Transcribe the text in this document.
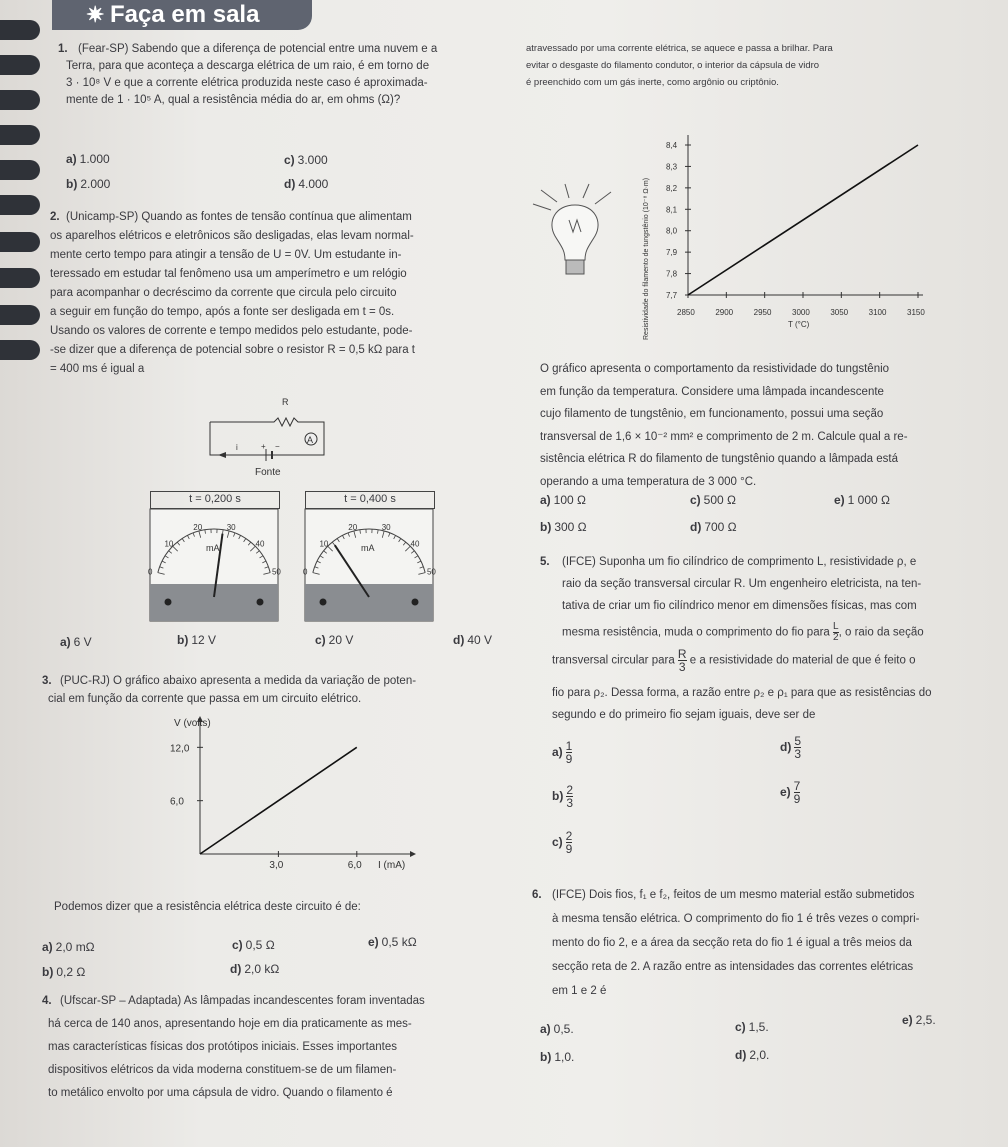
✷ Faça em sala
1. (Fear-SP) Sabendo que a diferença de potencial entre uma nuvem e a
Terra, para que aconteça a descarga elétrica de um raio, é em torno de
3 · 10⁸ V e que a corrente elétrica produzida neste caso é aproximada-
mente de 1 · 10⁵ A, qual a resistência média do ar, em ohms (Ω)?
a) 1.000	c) 3.000
b) 2.000	d) 4.000
2. (Unicamp-SP) Quando as fontes de tensão contínua que alimentam
os aparelhos elétricos e eletrônicos são desligadas, elas levam normal-
mente certo tempo para atingir a tensão de U = 0V. Um estudante in-
teressado em estudar tal fenômeno usa um amperímetro e um relógio
para acompanhar o decréscimo da corrente que circula pelo circuito
a seguir em função do tempo, após a fonte ser desligada em t = 0s.
Usando os valores de corrente e tempo medidos pelo estudante, pode-
-se dizer que a diferença de potencial sobre o resistor R = 0,5 kΩ para t
= 400 ms é igual a
R
A
+ −
i
Fonte
t = 0,200 s	t = 0,400 s
0
10
20	30
40
50
mA
0
10
20	30
40
50
mA
a) 6 V	b) 12 V	c) 20 V	d) 40 V
3. (PUC-RJ) O gráfico abaixo apresenta a medida da variação de poten-
cial em função da corrente que passa em um circuito elétrico.
6,0
12,0
3,0	6,0 I (mA)
V (volts)
Podemos dizer que a resistência elétrica deste circuito é de:
a) 2,0 mΩ	c) 0,5 Ω	e) 0,5 kΩ
b) 0,2 Ω	d) 2,0 kΩ
4. (Ufscar-SP – Adaptada) As lâmpadas incandescentes foram inventadas
há cerca de 140 anos, apresentando hoje em dia praticamente as mes-
mas características físicas dos protótipos iniciais. Esses importantes
dispositivos elétricos da vida moderna constituem-se de um filamen-
to metálico envolto por uma cápsula de vidro. Quando o filamento é
atravessado por uma corrente elétrica, se aquece e passa a brilhar. Para
evitar o desgaste do filamento condutor, o interior da cápsula de vidro
é preenchido com um gás inerte, como argônio ou criptônio.
7,7
7,8
7,9
8,0
8,1
8,2
8,3
8,4
2850	2900	2950	3000	3050	3100	3150
T (°C)
Resistividade do filamento de tungstênio (10⁻⁸ Ω·m)
O gráfico apresenta o comportamento da resistividade do tungstênio
em função da temperatura. Considere uma lâmpada incandescente
cujo filamento de tungstênio, em funcionamento, possui uma seção
transversal de 1,6 × 10⁻² mm² e comprimento de 2 m. Calcule qual a re-
sistência elétrica R do filamento de tungstênio quando a lâmpada está
operando a uma temperatura de 3 000 °C.
a) 100 Ω	c) 500 Ω	e) 1 000 Ω
b) 300 Ω	d) 700 Ω
5. (IFCE) Suponha um fio cilíndrico de comprimento L, resistividade ρ, e
raio da seção transversal circular R. Um engenheiro eletricista, na ten-
tativa de criar um fio cilíndrico menor em dimensões físicas, mas com
mesma resistência, muda o comprimento do fio para $\frac{L}{2}$ , o raio da seção
transversal circular para $\frac{R}{3}$ e a resistividade do material de que é feito o
fio para ρ₂. Dessa forma, a razão entre ρ₂ e ρ₁ para que as resistências do
segundo e do primeiro fio sejam iguais, deve ser de
$a) \frac{1}{9}$	$d) \frac{5}{3}$
$b) \frac{2}{3}$	$e) \frac{7}{9}$
$c) \frac{2}{9}$
6. (IFCE) Dois fios, f₁ e f₂, feitos de um mesmo material estão submetidos
à mesma tensão elétrica. O comprimento do fio 1 é três vezes o compri-
mento do fio 2, e a área da secção reta do fio 1 é igual a três meios da
secção reta de 2. A razão entre as intensidades das correntes elétricas
em 1 e 2 é
a) 0,5.	c) 1,5.	e) 2,5.
b) 1,0.	d) 2,0.
